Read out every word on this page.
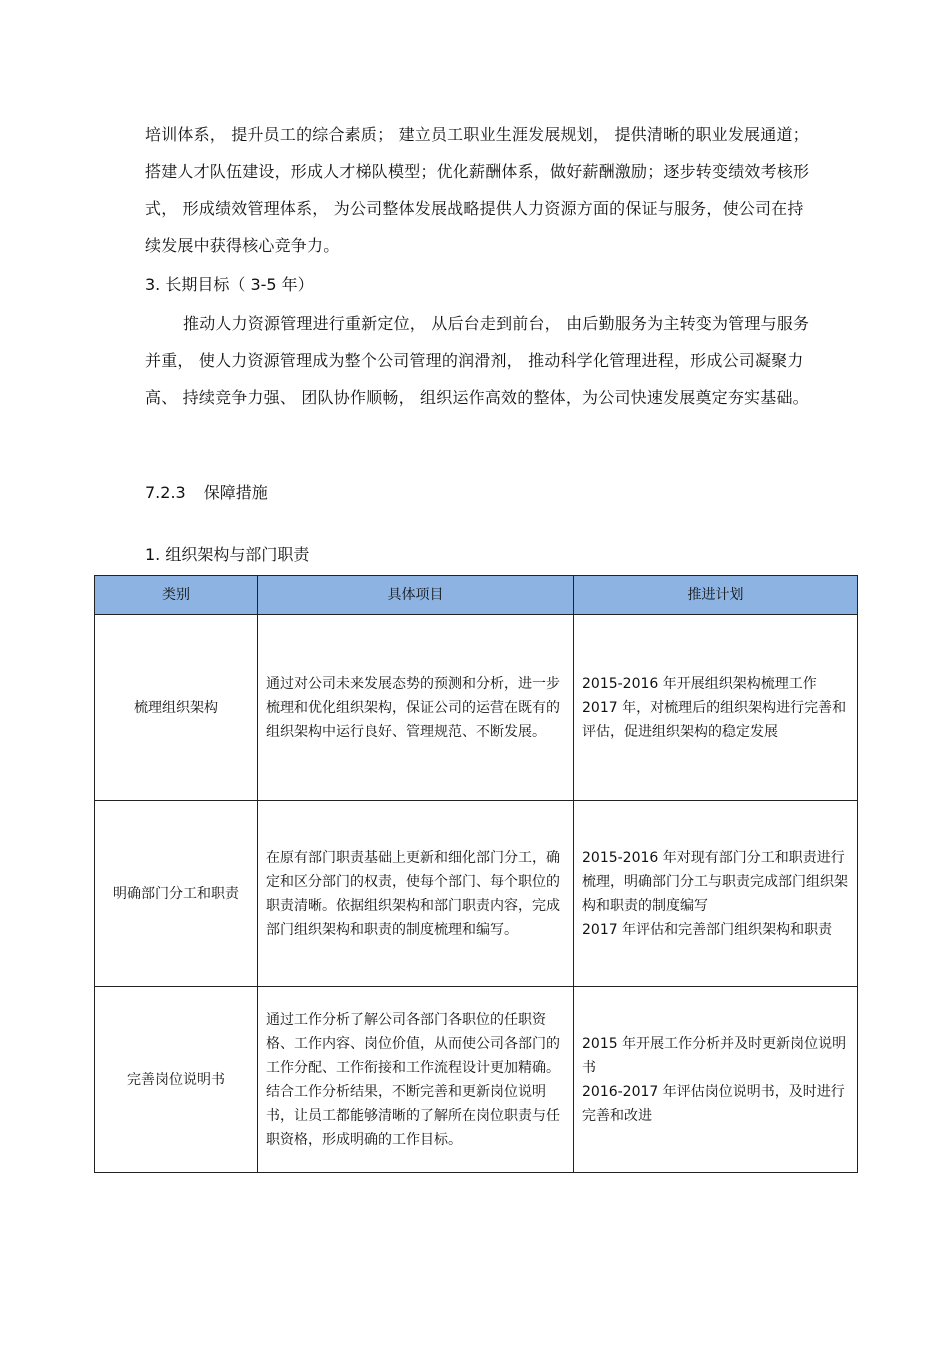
培训体系， 提升员工的综合素质； 建立员工职业生涯发展规划， 提供清晰的职业发展通道；搭建人才队伍建设，形成人才梯队模型；优化薪酬体系，做好薪酬激励；逐步转变绩效考核形式， 形成绩效管理体系， 为公司整体发展战略提供人力资源方面的保证与服务，使公司在持续发展中获得核心竞争力。

3. 长期目标（ 3-5 年）

推动人力资源管理进行重新定位， 从后台走到前台， 由后勤服务为主转变为管理与服务并重， 使人力资源管理成为整个公司管理的润滑剂， 推动科学化管理进程，形成公司凝聚力高、 持续竞争力强、 团队协作顺畅， 组织运作高效的整体，为公司快速发展奠定夯实基础。

7.2.3 保障措施
1. 组织架构与部门职责
类别	具体项目	推进计划
梳理组织架构	通过对公司未来发展态势的预测和分析，进一步梳理和优化组织架构，保证公司的运营在既有的组织架构中运行良好、管理规范、不断发展。	2015-2016 年开展组织架构梳理工作
2017 年，对梳理后的组织架构进行完善和评估，促进组织架构的稳定发展

明确部门分工和职责	在原有部门职责基础上更新和细化部门分工，确定和区分部门的权责，使每个部门、每个职位的职责清晰。依据组织架构和部门职责内容，完成部门组织架构和职责的制度梳理和编写。	2015-2016 年对现有部门分工和职责进行梳理，明确部门分工与职责完成部门组织架构和职责的制度编写
2017 年评估和完善部门组织架构和职责

完善岗位说明书	通过工作分析了解公司各部门各职位的任职资格、工作内容、岗位价值，从而使公司各部门的工作分配、工作衔接和工作流程设计更加精确。结合工作分析结果，不断完善和更新岗位说明书，让员工都能够清晰的了解所在岗位职责与任职资格，形成明确的工作目标。	2015 年开展工作分析并及时更新岗位说明书
2016-2017 年评估岗位说明书，及时进行完善和改进
